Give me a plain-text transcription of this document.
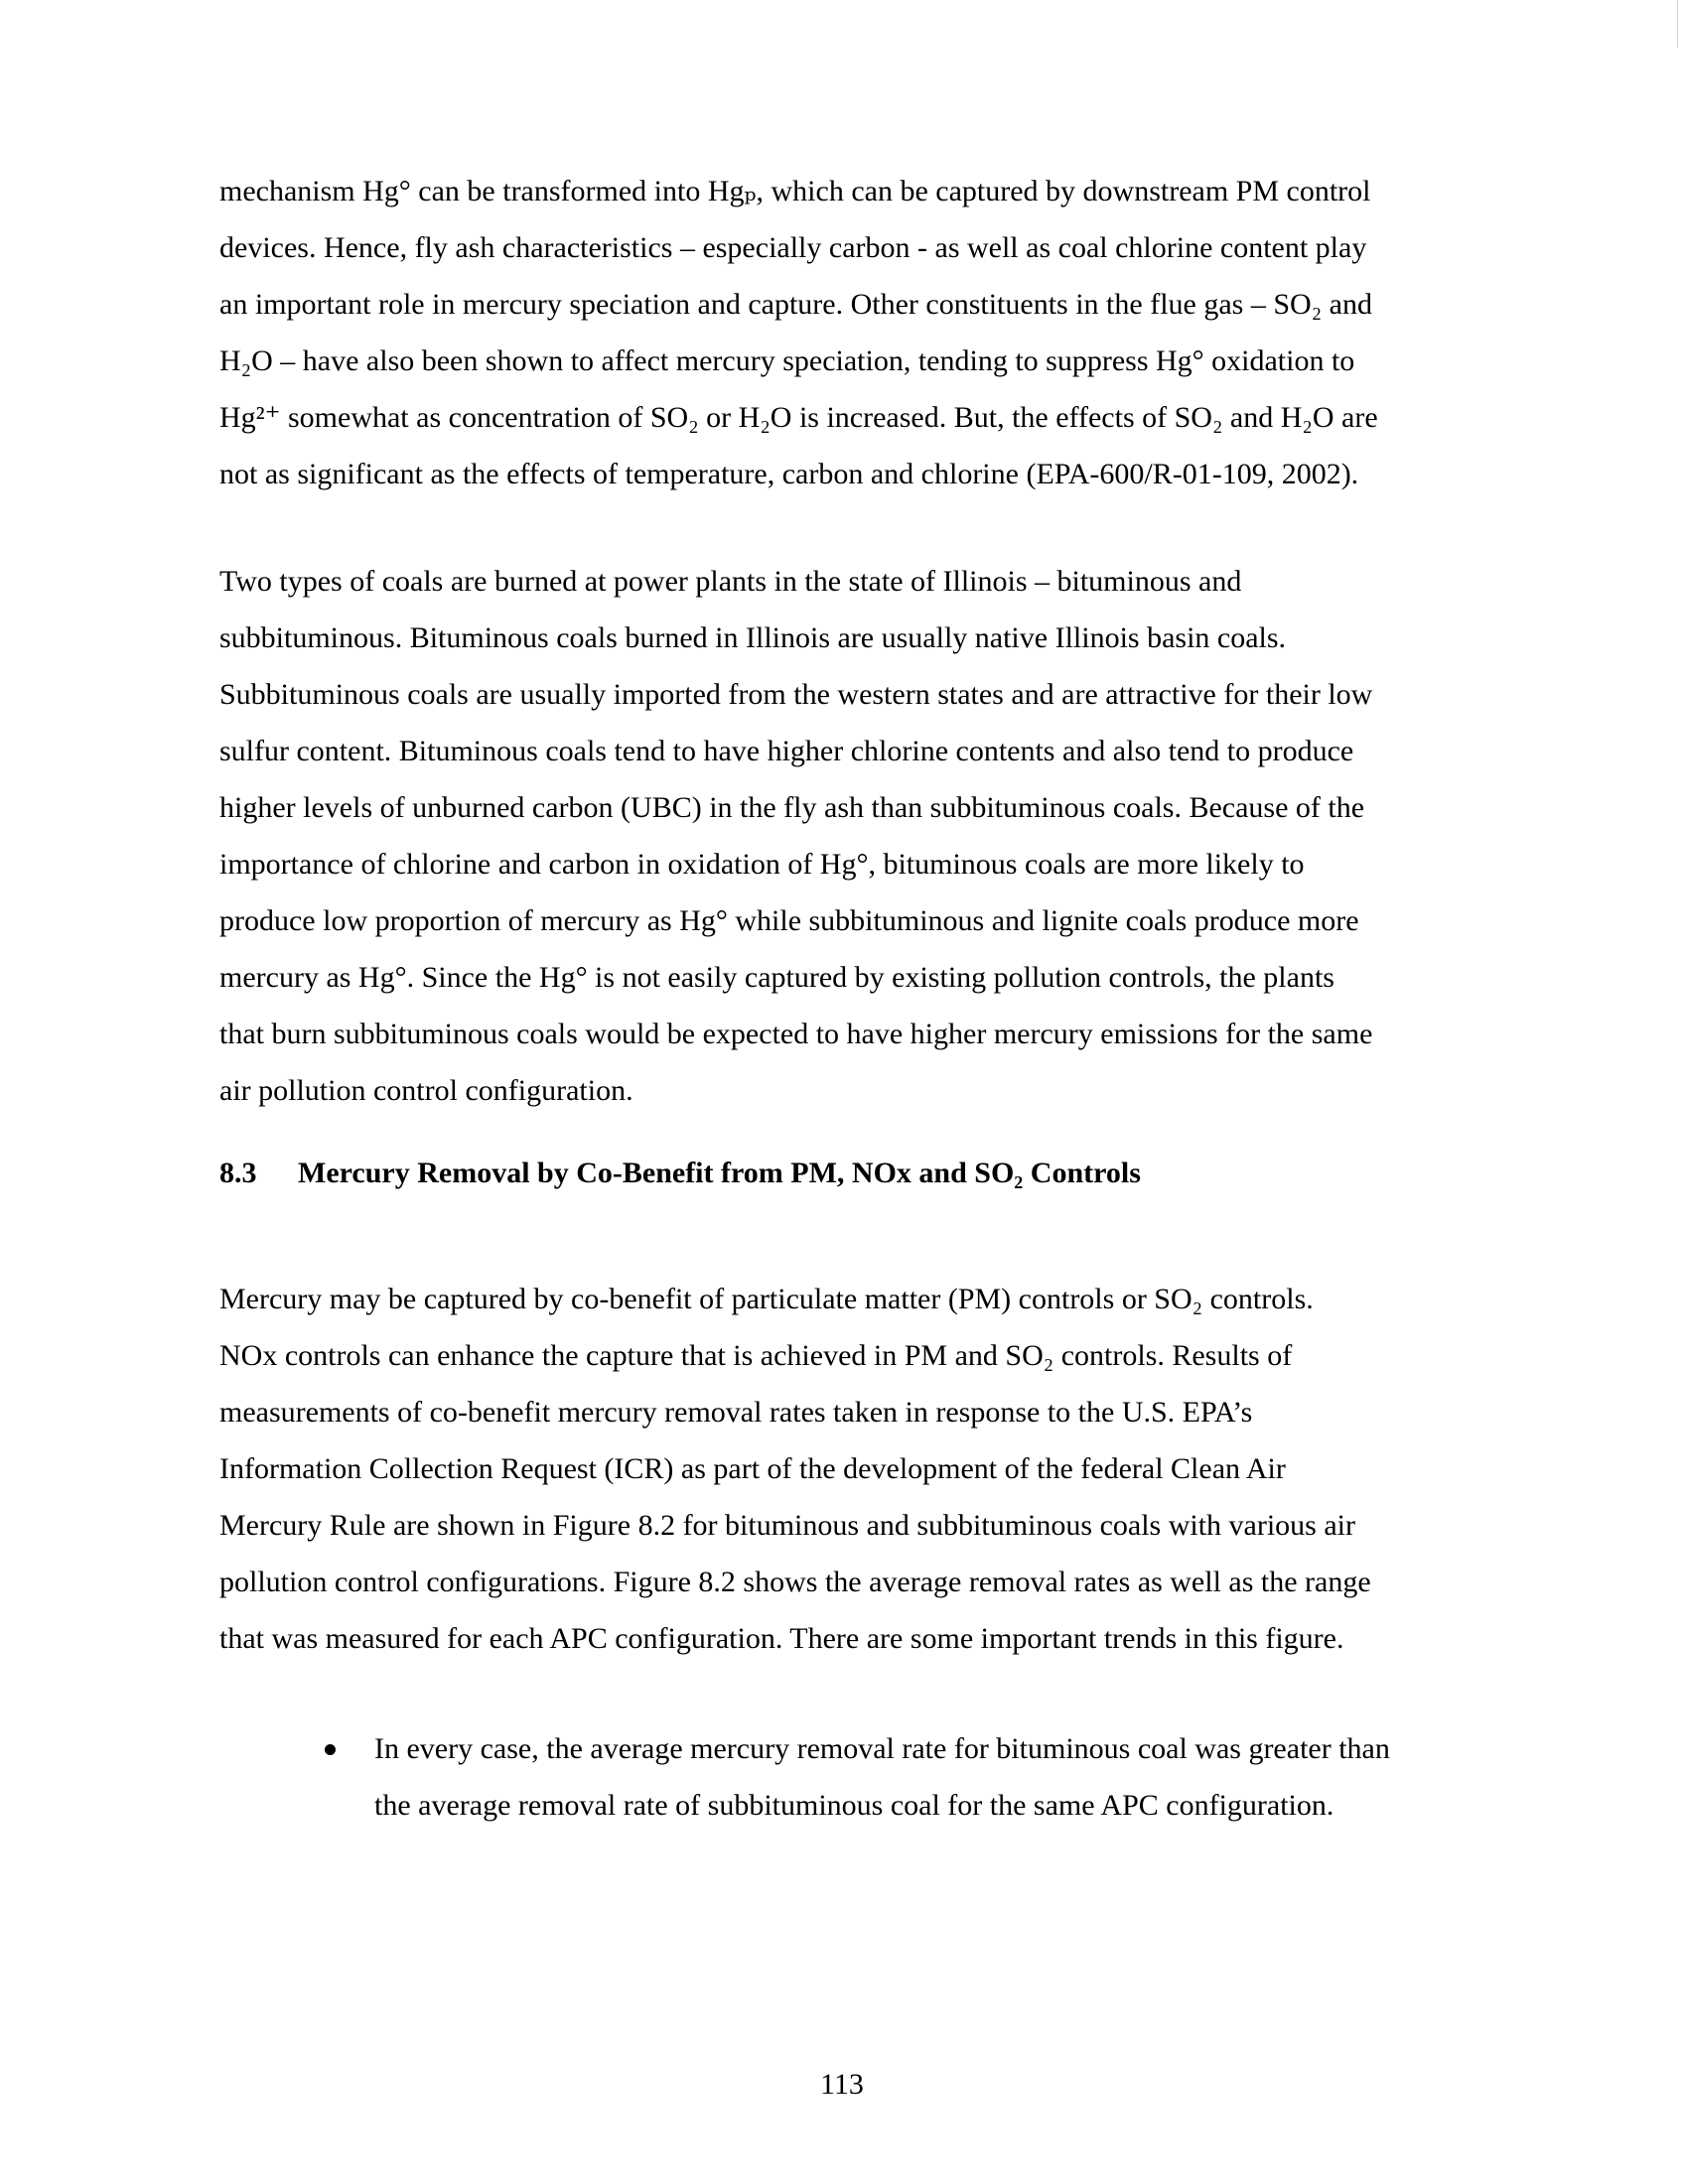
mechanism Hg° can be transformed into Hgₚ, which can be captured by downstream PM control
devices. Hence, fly ash characteristics – especially carbon - as well as coal chlorine content play
an important role in mercury speciation and capture. Other constituents in the flue gas – SO₂ and
H₂O – have also been shown to affect mercury speciation, tending to suppress Hg° oxidation to
Hg²⁺ somewhat as concentration of SO₂ or H₂O is increased. But, the effects of SO₂ and H₂O are
not as significant as the effects of temperature, carbon and chlorine (EPA-600/R-01-109, 2002).

Two types of coals are burned at power plants in the state of Illinois – bituminous and
subbituminous. Bituminous coals burned in Illinois are usually native Illinois basin coals.
Subbituminous coals are usually imported from the western states and are attractive for their low
sulfur content. Bituminous coals tend to have higher chlorine contents and also tend to produce
higher levels of unburned carbon (UBC) in the fly ash than subbituminous coals. Because of the
importance of chlorine and carbon in oxidation of Hg°, bituminous coals are more likely to
produce low proportion of mercury as Hg° while subbituminous and lignite coals produce more
mercury as Hg°. Since the Hg° is not easily captured by existing pollution controls, the plants
that burn subbituminous coals would be expected to have higher mercury emissions for the same
air pollution control configuration.

8.3 Mercury Removal by Co-Benefit from PM, NOx and SO₂ Controls

Mercury may be captured by co-benefit of particulate matter (PM) controls or SO₂ controls.
NOx controls can enhance the capture that is achieved in PM and SO₂ controls. Results of
measurements of co-benefit mercury removal rates taken in response to the U.S. EPA’s
Information Collection Request (ICR) as part of the development of the federal Clean Air
Mercury Rule are shown in Figure 8.2 for bituminous and subbituminous coals with various air
pollution control configurations. Figure 8.2 shows the average removal rates as well as the range
that was measured for each APC configuration. There are some important trends in this figure.

In every case, the average mercury removal rate for bituminous coal was greater than
the average removal rate of subbituminous coal for the same APC configuration.
113
